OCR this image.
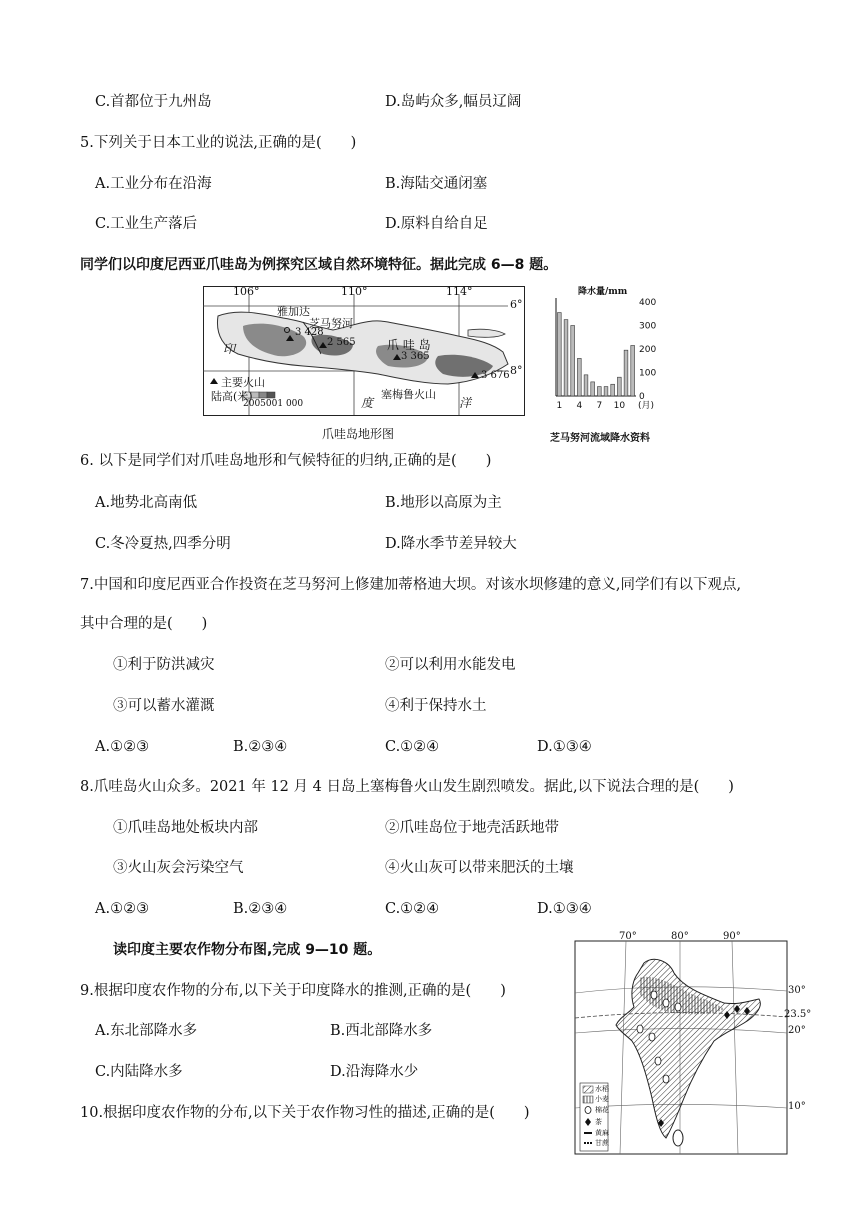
C.首都位于九州岛	D.岛屿众多,幅员辽阔
5.下列关于日本工业的说法,正确的是(　　)
A.工业分布在沿海	B.海陆交通闭塞
C.工业生产落后	D.原料自给自足
同学们以印度尼西亚爪哇岛为例探究区域自然环境特征。据此完成 6—8 题。
106°	110°	114°
6°
8°
雅加达
芝马努河
3 428
2 565	爪 哇 岛
3 365
3 676
塞梅鲁火山
印
度	洋
主要火山
陆高(米)
2005001 000
爪哇岛地形图
400
300
200
100
0
1 4 7 10 (月)
降水量/mm
芝马努河流域降水资料
6. 以下是同学们对爪哇岛地形和气候特征的归纳,正确的是(　　)
A.地势北高南低	B.地形以高原为主
C.冬冷夏热,四季分明	D.降水季节差异较大
7.中国和印度尼西亚合作投资在芝马努河上修建加蒂格迪大坝。对该水坝修建的意义,同学们有以下观点,
其中合理的是(　　)
①利于防洪减灾	②可以利用水能发电
③可以蓄水灌溉	④利于保持水土
A.①②③	B.②③④	C.①②④	D.①③④
8.爪哇岛火山众多。2021 年 12 月 4 日岛上塞梅鲁火山发生剧烈喷发。据此,以下说法合理的是(　　)
①爪哇岛地处板块内部	②爪哇岛位于地壳活跃地带
③火山灰会污染空气	④火山灰可以带来肥沃的土壤
A.①②③	B.②③④	C.①②④	D.①③④
读印度主要农作物分布图,完成 9—10 题。
70°	80°	90°
30°
23.5°
20°
10°
水稻
小麦
棉花
茶
黄麻
甘蔗
9.根据印度农作物的分布,以下关于印度降水的推测,正确的是(　　)
A.东北部降水多	B.西北部降水多
C.内陆降水多	D.沿海降水少
10.根据印度农作物的分布,以下关于农作物习性的描述,正确的是(　　)
